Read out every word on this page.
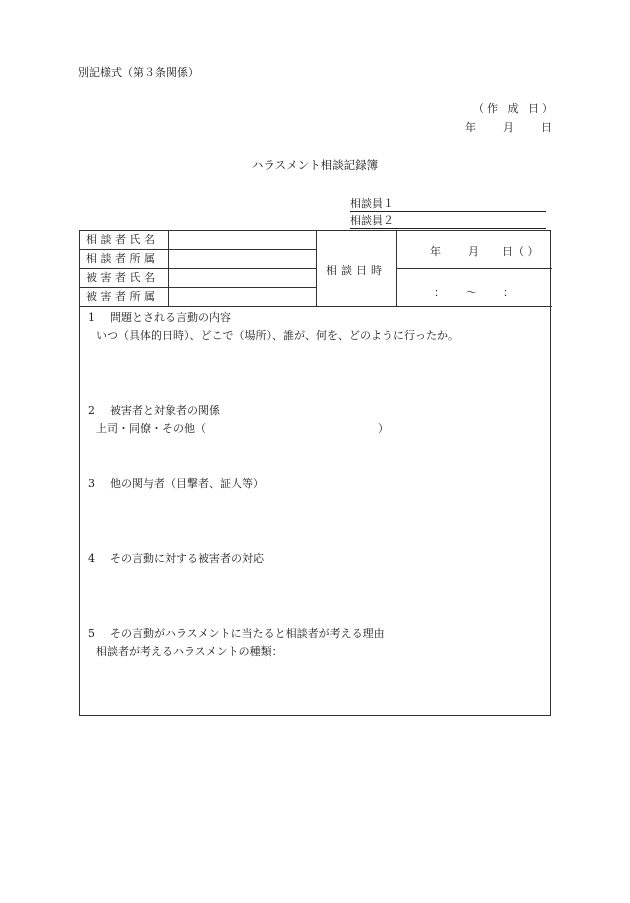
別記様式（第３条関係）
（作 成 日）
年 月 日
ハラスメント相談記録簿
相談員１
相談員２
相談者氏名
相談者所属
被害者氏名
被害者所属
相談日時
年 月 日（ ）
： 〜 ：
1 問題とされる言動の内容
いつ（具体的日時）、どこで（場所）、誰が、何を、どのように行ったか。
2 被害者と対象者の関係
上司・同僚・その他（	）
3 他の関与者（目撃者、証人等）
4 その言動に対する被害者の対応
5 その言動がハラスメントに当たると相談者が考える理由
相談者が考えるハラスメントの種類：
